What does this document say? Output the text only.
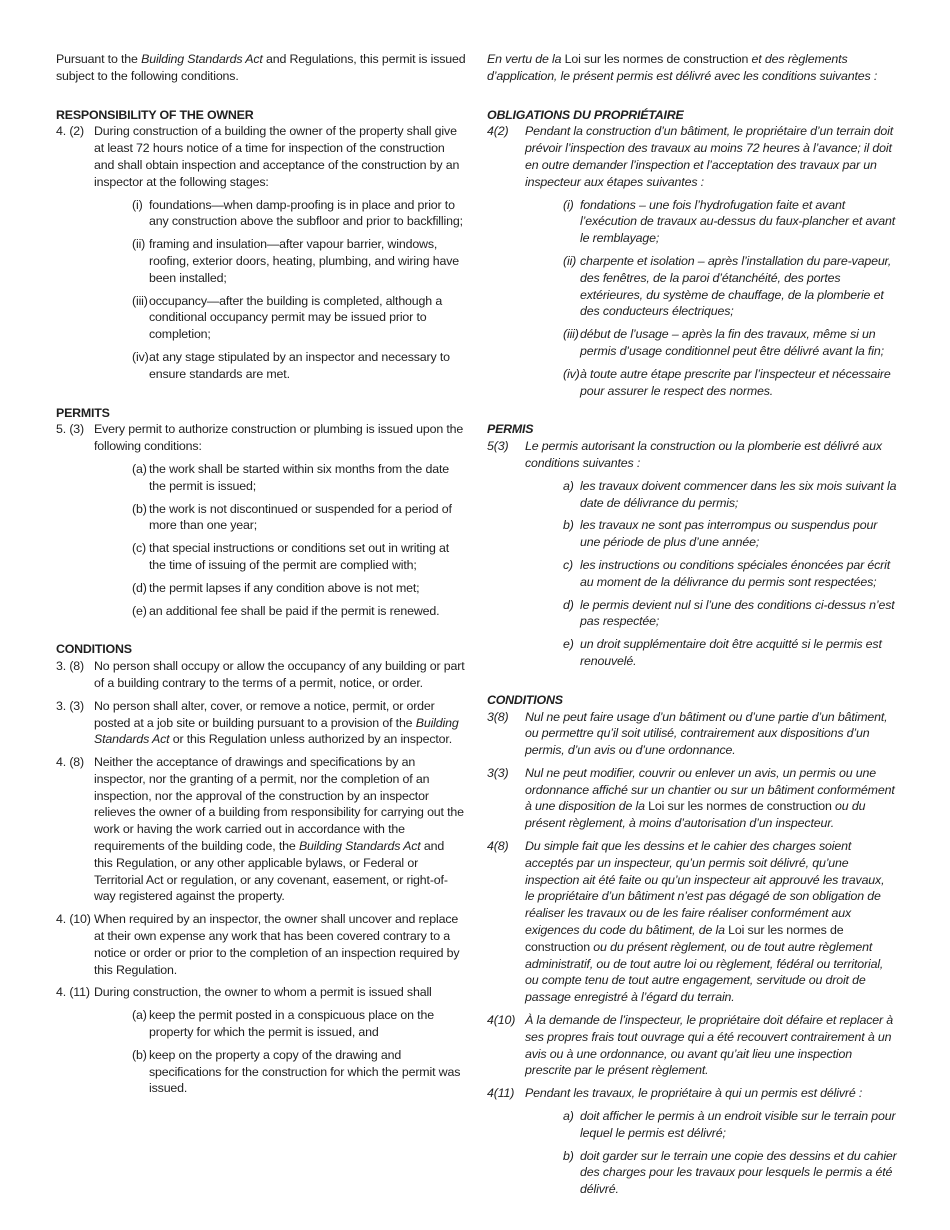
Pursuant to the Building Standards Act and Regulations, this permit is issued subject to the following conditions.

RESPONSIBILITY OF THE OWNER

4. (2) During construction of a building the owner of the property shall give at least 72 hours notice of a time for inspection of the construction and shall obtain inspection and acceptance of the construction by an inspector at the following stages:
(i) foundations—when damp-proofing is in place and prior to any construction above the subfloor and prior to backfilling;
(ii) framing and insulation—after vapour barrier, windows, roofing, exterior doors, heating, plumbing, and wiring have been installed;
(iii) occupancy—after the building is completed, although a conditional occupancy permit may be issued prior to completion;
(iv) at any stage stipulated by an inspector and necessary to ensure standards are met.

PERMITS

5. (3) Every permit to authorize construction or plumbing is issued upon the following conditions:
(a) the work shall be started within six months from the date the permit is issued;
(b) the work is not discontinued or suspended for a period of more than one year;
(c) that special instructions or conditions set out in writing at the time of issuing of the permit are complied with;
(d) the permit lapses if any condition above is not met;
(e) an additional fee shall be paid if the permit is renewed.

CONDITIONS

3. (8) No person shall occupy or allow the occupancy of any building or part of a building contrary to the terms of a permit, notice, or order.
3. (3) No person shall alter, cover, or remove a notice, permit, or order posted at a job site or building pursuant to a provision of the Building Standards Act or this Regulation unless authorized by an inspector.
4. (8) Neither the acceptance of drawings and specifications by an inspector, nor the granting of a permit, nor the completion of an inspection, nor the approval of the construction by an inspector relieves the owner of a building from responsibility for carrying out the work or having the work carried out in accordance with the requirements of the building code, the Building Standards Act and this Regulation, or any other applicable bylaws, or Federal or Territorial Act or regulation, or any covenant, easement, or right-of-way registered against the property.
4. (10) When required by an inspector, the owner shall uncover and replace at their own expense any work that has been covered contrary to a notice or order or prior to the completion of an inspection required by this Regulation.
4. (11) During construction, the owner to whom a permit is issued shall
(a) keep the permit posted in a conspicuous place on the property for which the permit is issued, and
(b) keep on the property a copy of the drawing and specifications for the construction for which the permit was issued.

En vertu de la Loi sur les normes de construction et des règlements d’application, le présent permis est délivré avec les conditions suivantes :

OBLIGATIONS DU PROPRIÉTAIRE

4(2)	Pendant la construction d’un bâtiment, le propriétaire d’un terrain doit prévoir l’inspection des travaux au moins 72 heures à l’avance; il doit en outre demander l’inspection et l’acceptation des travaux par un inspecteur aux étapes suivantes :
(i) fondations – une fois l’hydrofugation faite et avant l’exécution de travaux au-dessus du faux-plancher et avant le remblayage;
(ii) charpente et isolation – après l’installation du pare-vapeur, des fenêtres, de la paroi d’étanchéité, des portes extérieures, du système de chauffage, de la plomberie et des conducteurs électriques;
(iii) début de l’usage – après la fin des travaux, même si un permis d’usage conditionnel peut être délivré avant la fin;
(iv) à toute autre étape prescrite par l’inspecteur et nécessaire pour assurer le respect des normes.

PERMIS

5(3)	Le permis autorisant la construction ou la plomberie est délivré aux conditions suivantes :
a) les travaux doivent commencer dans les six mois suivant la date de délivrance du permis;
b) les travaux ne sont pas interrompus ou suspendus pour une période de plus d’une année;
c) les instructions ou conditions spéciales énoncées par écrit au moment de la délivrance du permis sont respectées;
d) le permis devient nul si l’une des conditions ci-dessus n’est pas respectée;
e) un droit supplémentaire doit être acquitté si le permis est renouvelé.

CONDITIONS

3(8)	Nul ne peut faire usage d’un bâtiment ou d’une partie d’un bâtiment, ou permettre qu’il soit utilisé, contrairement aux dispositions d’un permis, d’un avis ou d’une ordonnance.
3(3)	Nul ne peut modifier, couvrir ou enlever un avis, un permis ou une ordonnance affiché sur un chantier ou sur un bâtiment conformément à une disposition de la Loi sur les normes de construction ou du présent règlement, à moins d’autorisation d’un inspecteur.
4(8)	Du simple fait que les dessins et le cahier des charges soient acceptés par un inspecteur, qu’un permis soit délivré, qu’une inspection ait été faite ou qu’un inspecteur ait approuvé les travaux, le propriétaire d’un bâtiment n’est pas dégagé de son obligation de réaliser les travaux ou de les faire réaliser conformément aux exigences du code du bâtiment, de la Loi sur les normes de construction ou du présent règlement, ou de tout autre règlement administratif, ou de tout autre loi ou règlement, fédéral ou territorial, ou compte tenu de tout autre engagement, servitude ou droit de passage enregistré à l’égard du terrain.
4(10) À la demande de l’inspecteur, le propriétaire doit défaire et replacer à ses propres frais tout ouvrage qui a été recouvert contrairement à un avis ou à une ordonnance, ou avant qu’ait lieu une inspection prescrite par le présent règlement.
4(11) Pendant les travaux, le propriétaire à qui un permis est délivré :
a) doit afficher le permis à un endroit visible sur le terrain pour lequel le permis est délivré;
b) doit garder sur le terrain une copie des dessins et du cahier des charges pour les travaux pour lesquels le permis a été délivré.
